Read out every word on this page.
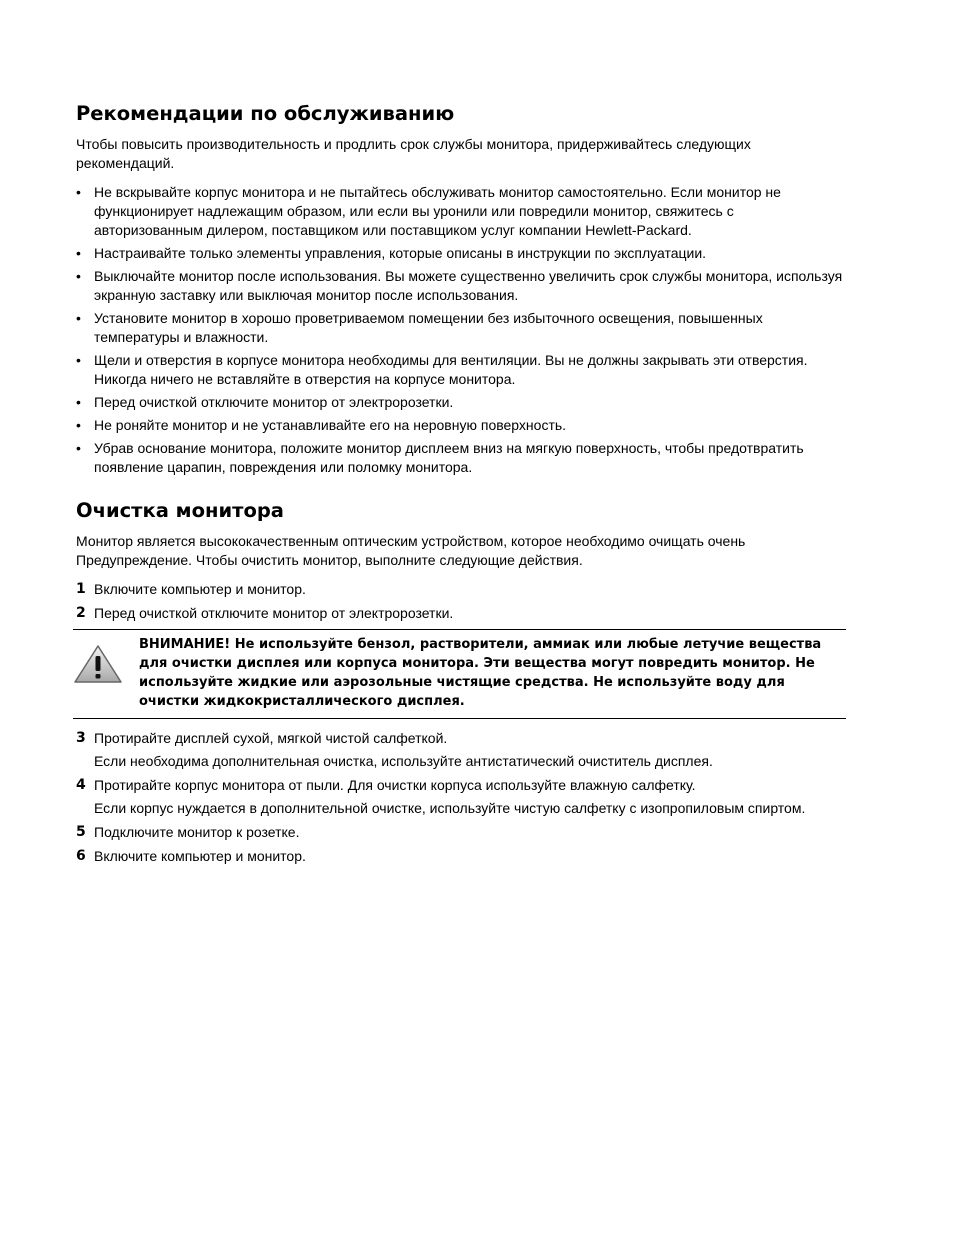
Рекомендации по обслуживанию

Чтобы повысить производительность и продлить срок службы монитора, придерживайтесь следующих рекомендаций.

• Не вскрывайте корпус монитора и не пытайтесь обслуживать монитор самостоятельно. Если монитор не функционирует надлежащим образом, или если вы уронили или повредили монитор, свяжитесь с авторизованным дилером, поставщиком или поставщиком услуг компании Hewlett-Packard.
• Настраивайте только элементы управления, которые описаны в инструкции по эксплуатации.
• Выключайте монитор после использования. Вы можете существенно увеличить срок службы монитора, используя экранную заставку или выключая монитор после использования.
• Установите монитор в хорошо проветриваемом помещении без избыточного освещения, повышенных температуры и влажности.
• Щели и отверстия в корпусе монитора необходимы для вентиляции. Вы не должны закрывать эти отверстия. Никогда ничего не вставляйте в отверстия на корпусе монитора.
• Перед очисткой отключите монитор от электророзетки.
• Не роняйте монитор и не устанавливайте его на неровную поверхность.
• Убрав основание монитора, положите монитор дисплеем вниз на мягкую поверхность, чтобы предотвратить появление царапин, повреждения или поломку монитора.
Очистка монитора

Монитор является высококачественным оптическим устройством, которое необходимо очищать очень Предупреждение. Чтобы очистить монитор, выполните следующие действия.

1 Включите компьютер и монитор.
2 Перед очисткой отключите монитор от электророзетки.
ВНИМАНИЕ! Не используйте бензол, растворители, аммиак или любые летучие вещества для очистки дисплея или корпуса монитора. Эти вещества могут повредить монитор. Не используйте жидкие или аэрозольные чистящие средства. Не используйте воду для очистки жидкокристаллического дисплея.
3 Протирайте дисплей сухой, мягкой чистой салфеткой.
Если необходима дополнительная очистка, используйте антистатический очиститель дисплея.
4 Протирайте корпус монитора от пыли. Для очистки корпуса используйте влажную салфетку.
Если корпус нуждается в дополнительной очистке, используйте чистую салфетку с изопропиловым спиртом.
5 Подключите монитор к розетке.
6 Включите компьютер и монитор.
